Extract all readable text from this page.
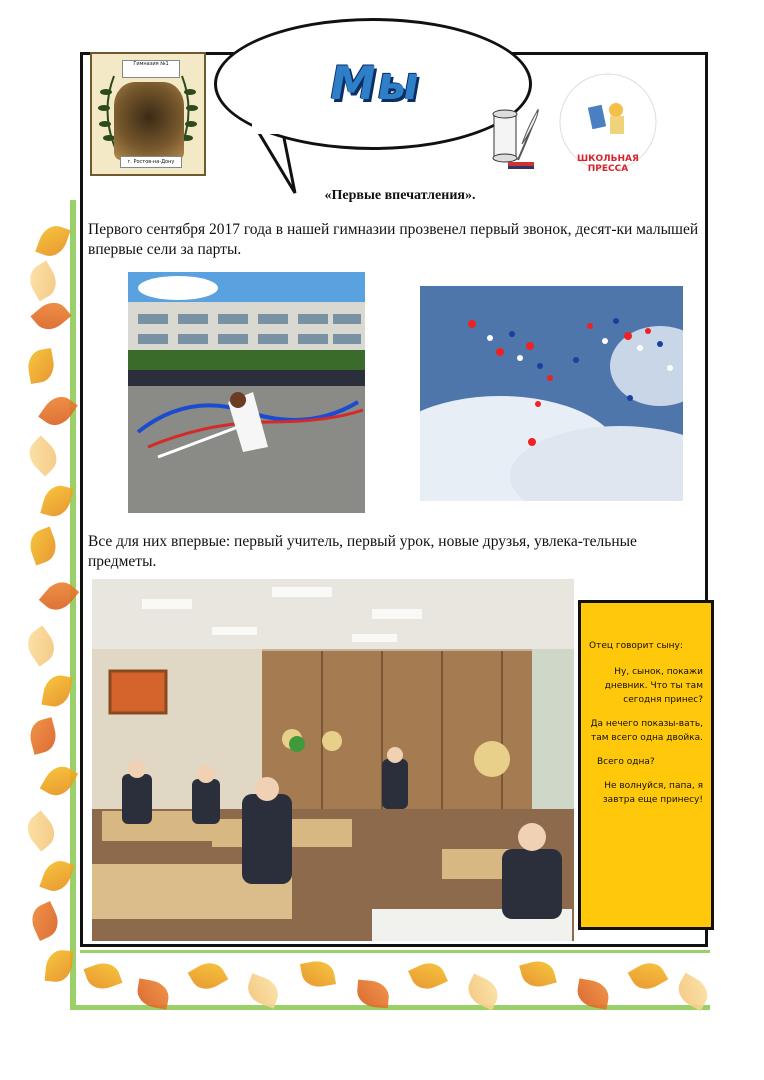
Мы
Гимназия №1
г. Ростов-на-Дону	ШКОЛЬНАЯ ПРЕССА
«Первые впечатления».
Первого сентября 2017 года в нашей гимназии прозвенел первый звонок, десят-ки малышей впервые сели за парты.
Все для них впервые: первый учитель, первый урок, новые друзья, увлека-тельные предметы.

Отец говорит сыну:

Ну, сынок, покажи дневник. Что ты там сегодня принес?

Да нечего показы-вать, там всего одна двойка.

Всего одна?

Не волнуйся, папа, я завтра еще принесу!
